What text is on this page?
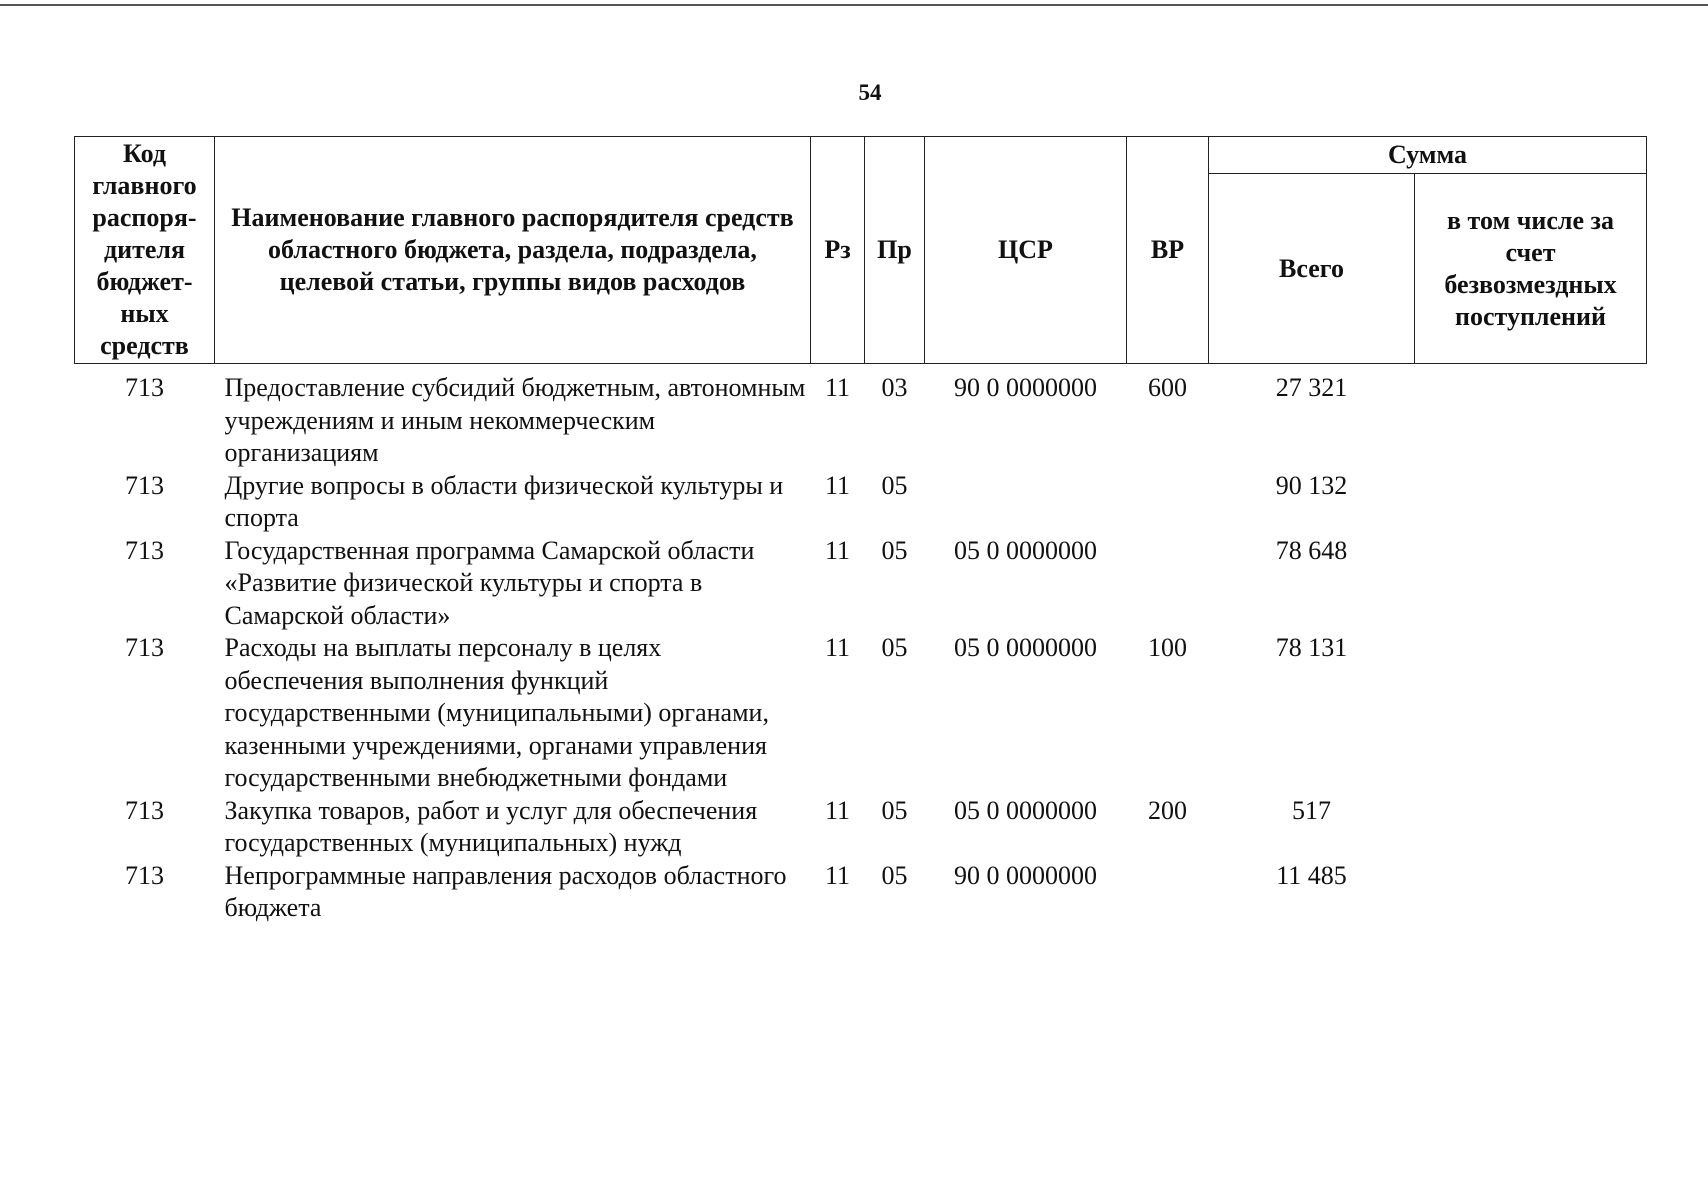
54
Код главного распоря-дителя бюджет-ных средств	Наименование главного распорядителя средств областного бюджета, раздела, подраздела, целевой статьи, группы видов расходов	Рз	Пр	ЦСР	ВР	Сумма	
						Всего	в том числе за счет безвозмездных поступлений
713	Предоставление субсидий бюджетным, автономным учреждениям и иным некоммерческим организациям	11	03	90 0 0000000	600	27 321	
713	Другие вопросы в области физической культуры и спорта	11	05			90 132	
713	Государственная программа Самарской области «Развитие физической культуры и спорта в Самарской области»	11	05	05 0 0000000		78 648	
713	Расходы на выплаты персоналу в целях обеспечения выполнения функций государственными (муниципальными) органами, казенными учреждениями, органами управления государственными внебюджетными фондами	11	05	05 0 0000000	100	78 131	
713	Закупка товаров, работ и услуг для обеспечения государственных (муниципальных) нужд	11	05	05 0 0000000	200	517	
713	Непрограммные направления расходов областного бюджета	11	05	90 0 0000000		11 485	
